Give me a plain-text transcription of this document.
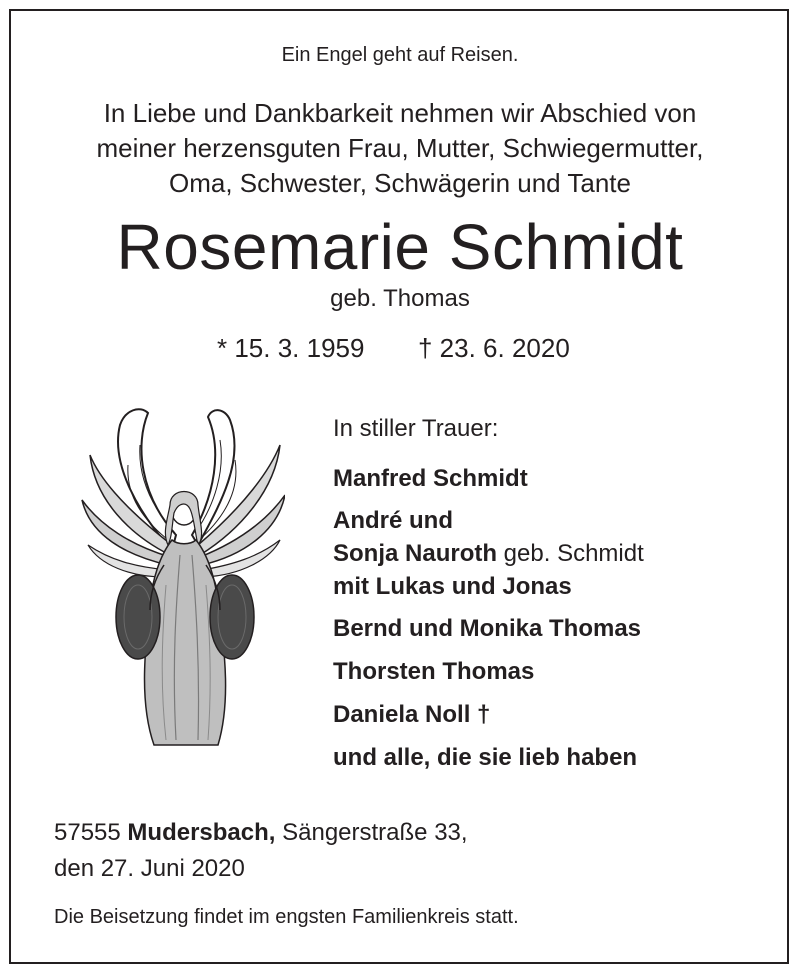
Ein Engel geht auf Reisen.
In Liebe und Dankbarkeit nehmen wir Abschied von
meiner herzensguten Frau, Mutter, Schwiegermutter,
Oma, Schwester, Schwägerin und Tante
Rosemarie Schmidt
geb. Thomas
* 15. 3. 1959 † 23. 6. 2020
In stiller Trauer:
Manfred Schmidt
André und
Sonja Nauroth geb. Schmidt
mit Lukas und Jonas
Bernd und Monika Thomas
Thorsten Thomas
Daniela Noll †
und alle, die sie lieb haben
57555 Mudersbach, Sängerstraße 33,
den 27. Juni 2020
Die Beisetzung findet im engsten Familienkreis statt.
